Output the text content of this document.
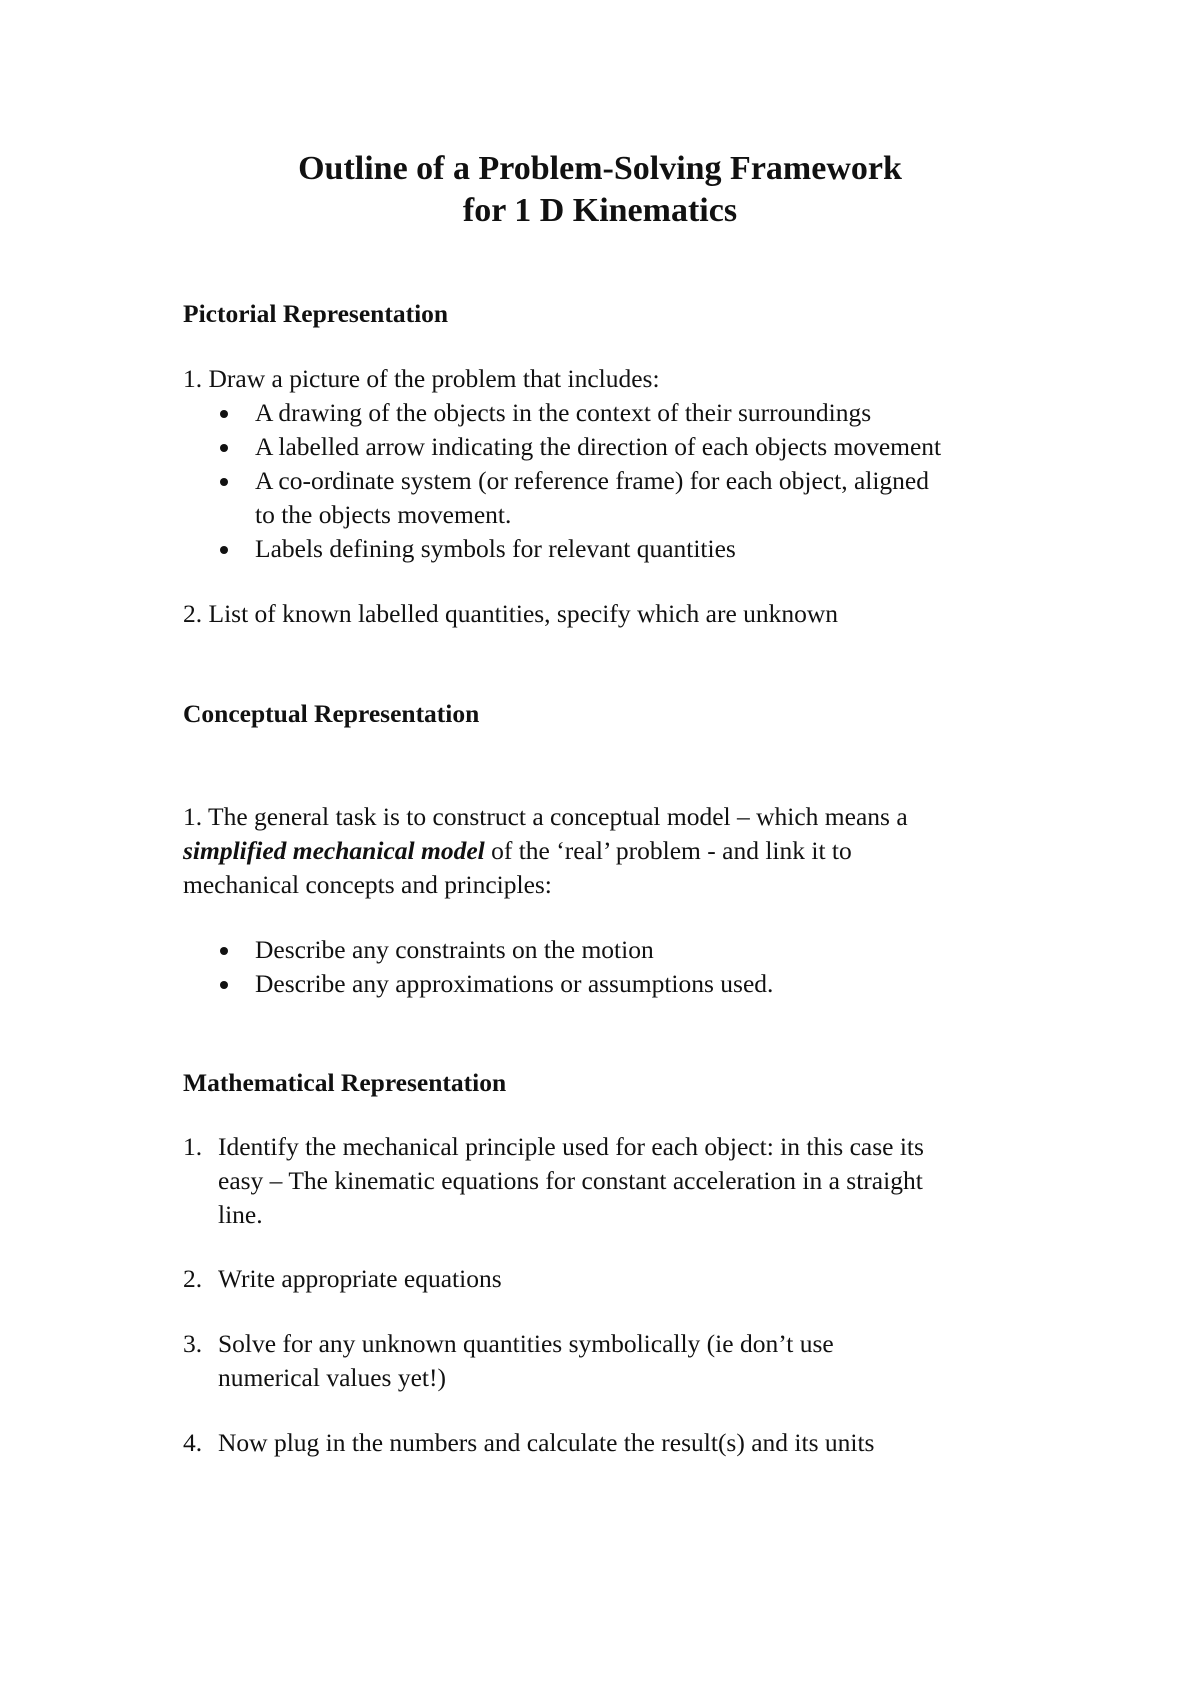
Outline of a Problem-Solving Framework
for 1 D Kinematics
Pictorial Representation
1. Draw a picture of the problem that includes:
A drawing of the objects in the context of their surroundings
A labelled arrow indicating the direction of each objects movement
A co-ordinate system (or reference frame) for each object, aligned
to the objects movement.
Labels defining symbols for relevant quantities
2. List of known labelled quantities, specify which are unknown
Conceptual Representation
1. The general task is to construct a conceptual model – which means a
simplified mechanical model of the ‘real’ problem - and link it to
mechanical concepts and principles:
Describe any constraints on the motion
Describe any approximations or assumptions used.
Mathematical Representation
1. Identify the mechanical principle used for each object: in this case its
easy – The kinematic equations for constant acceleration in a straight
line.
2. Write appropriate equations
3. Solve for any unknown quantities symbolically (ie don’t use
numerical values yet!)
4. Now plug in the numbers and calculate the result(s) and its units
